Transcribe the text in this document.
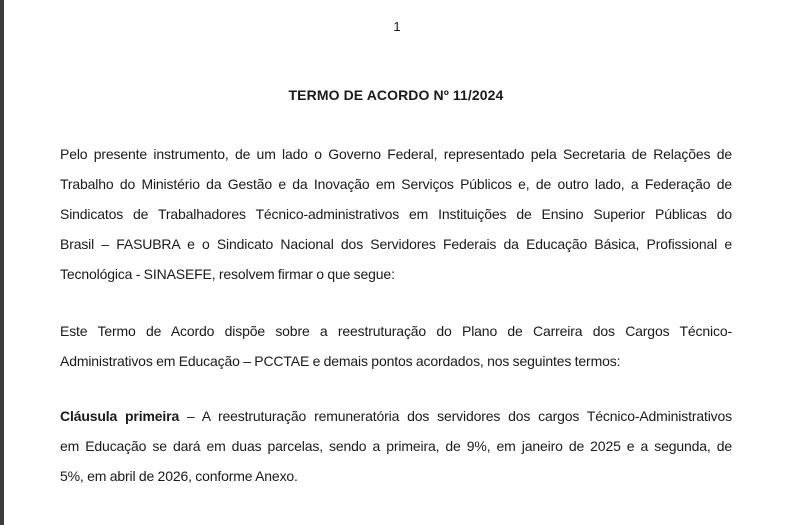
1
TERMO DE ACORDO Nº 11/2024

Pelo presente instrumento, de um lado o Governo Federal, representado pela Secretaria de Relações de
Trabalho do Ministério da Gestão e da Inovação em Serviços Públicos e, de outro lado, a Federação de
Sindicatos de Trabalhadores Técnico-administrativos em Instituições de Ensino Superior Públicas do
Brasil – FASUBRA e o Sindicato Nacional dos Servidores Federais da Educação Básica, Profissional e
Tecnológica - SINASEFE, resolvem firmar o que segue:

Este Termo de Acordo dispõe sobre a reestruturação do Plano de Carreira dos Cargos Técnico-
Administrativos em Educação – PCCTAE e demais pontos acordados, nos seguintes termos:

Cláusula primeira – A reestruturação remuneratória dos servidores dos cargos Técnico-Administrativos
em Educação se dará em duas parcelas, sendo a primeira, de 9%, em janeiro de 2025 e a segunda, de
5%, em abril de 2026, conforme Anexo.
